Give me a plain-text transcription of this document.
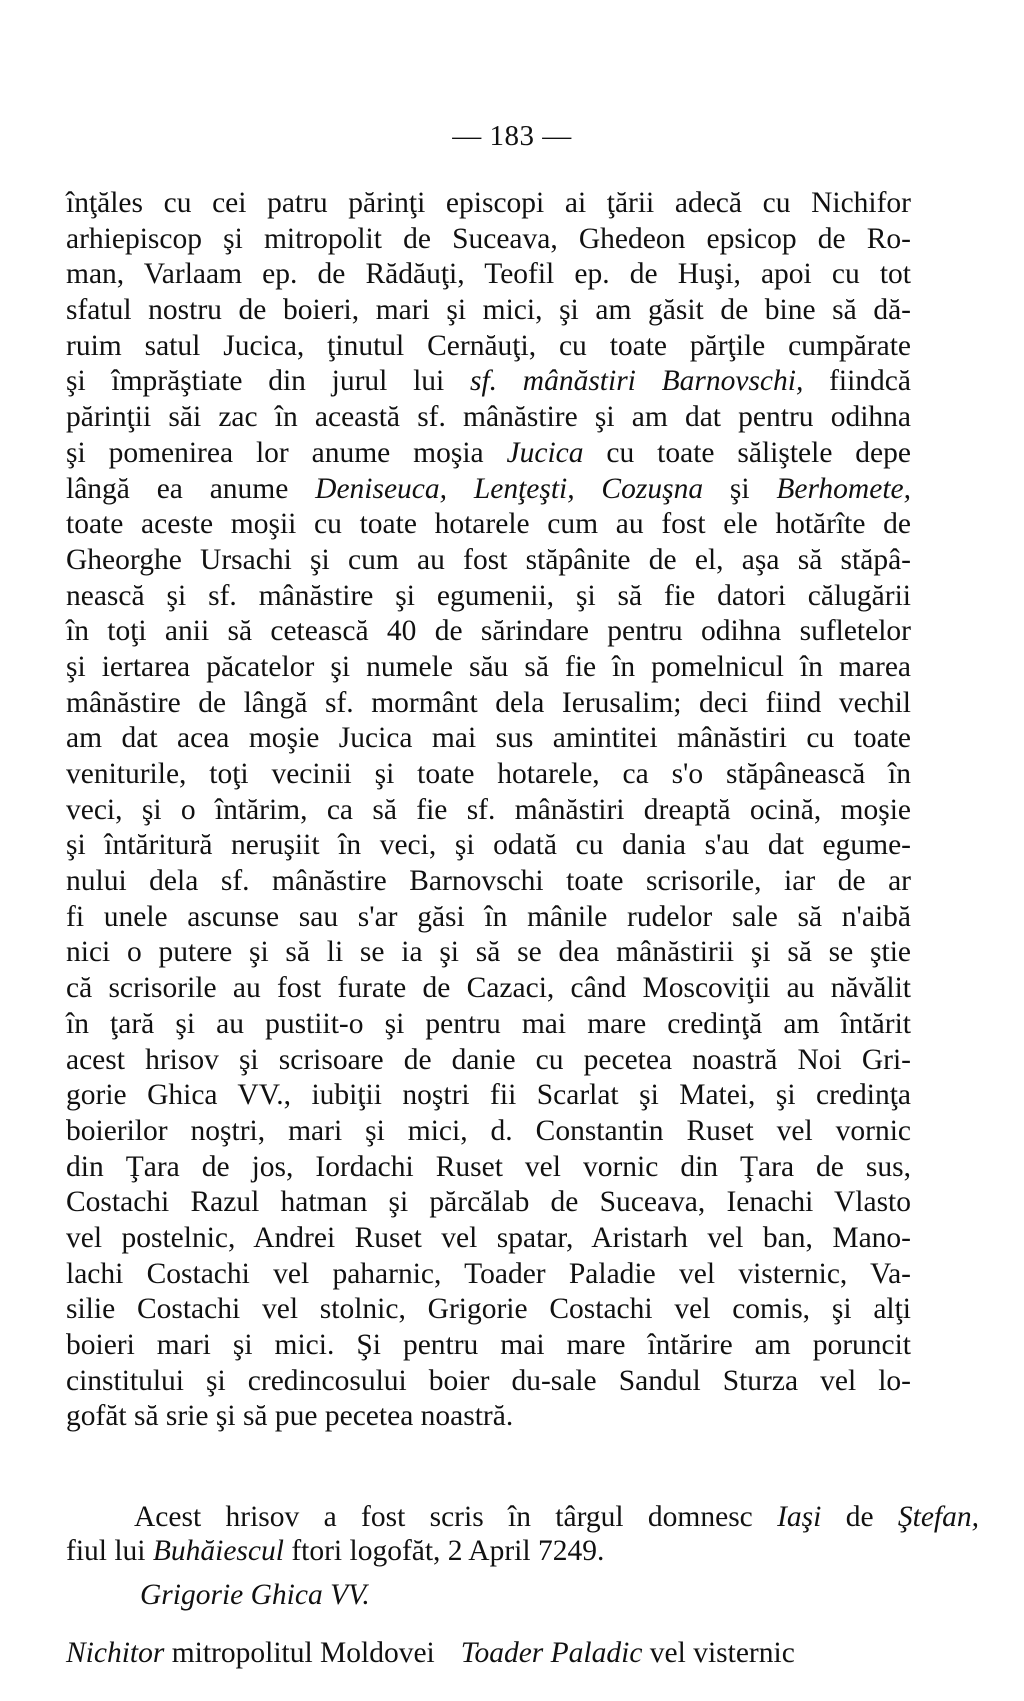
— 183 —
înţăles cu cei patru părinţi episcopi ai ţării adecă cu Nichifor
arhiepiscop şi mitropolit de Suceava, Ghedeon epsicop de Ro-
man, Varlaam ep. de Rădăuţi, Teofil ep. de Huşi, apoi cu tot
sfatul nostru de boieri, mari şi mici, şi am găsit de bine să dă-
ruim satul Jucica, ţinutul Cernăuţi, cu toate părţile cumpărate
şi împrăştiate din jurul lui sf. mânăstiri Barnovschi, fiindcă
părinţii săi zac în această sf. mânăstire şi am dat pentru odihna
şi pomenirea lor anume moşia Jucica cu toate săliştele depe
lângă ea anume Deniseuca, Lenţeşti, Cozuşna şi Berhomete,
toate aceste moşii cu toate hotarele cum au fost ele hotărîte de
Gheorghe Ursachi şi cum au fost stăpânite de el, aşa să stăpâ-
nească şi sf. mânăstire şi egumenii, şi să fie datori călugării
în toţi anii să cetească 40 de sărindare pentru odihna sufletelor
şi iertarea păcatelor şi numele său să fie în pomelnicul în marea
mânăstire de lângă sf. mormânt dela Ierusalim; deci fiind vechil
am dat acea moşie Jucica mai sus amintitei mânăstiri cu toate
veniturile, toţi vecinii şi toate hotarele, ca s'o stăpânească în
veci, şi o întărim, ca să fie sf. mânăstiri dreaptă ocină, moşie
şi întăritură neruşiit în veci, şi odată cu dania s'au dat egume-
nului dela sf. mânăstire Barnovschi toate scrisorile, iar de ar
fi unele ascunse sau s'ar găsi în mânile rudelor sale să n'aibă
nici o putere şi să li se ia şi să se dea mânăstirii şi să se ştie
că scrisorile au fost furate de Cazaci, când Moscoviţii au năvălit
în ţară şi au pustiit-o şi pentru mai mare credinţă am întărit
acest hrisov şi scrisoare de danie cu pecetea noastră Noi Gri-
gorie Ghica VV., iubiţii noştri fii Scarlat şi Matei, şi credinţa
boierilor noştri, mari şi mici, d. Constantin Ruset vel vornic
din Ţara de jos, Iordachi Ruset vel vornic din Ţara de sus,
Costachi Razul hatman şi părcălab de Suceava, Ienachi Vlasto
vel postelnic, Andrei Ruset vel spatar, Aristarh vel ban, Mano-
lachi Costachi vel paharnic, Toader Paladie vel visternic, Va-
silie Costachi vel stolnic, Grigorie Costachi vel comis, şi alţi
boieri mari şi mici. Şi pentru mai mare întărire am poruncit
cinstitului şi credincosului boier du-sale Sandul Sturza vel lo-
gofăt să srie şi să pue pecetea noastră.
Acest hrisov a fost scris în târgul domnesc Iaşi de Ştefan,
fiul lui Buhăiescul ftori logofăt, 2 April 7249.
Grigorie Ghica VV.
Nichitor mitropolitul Moldovei Toader Paladic vel visternic
